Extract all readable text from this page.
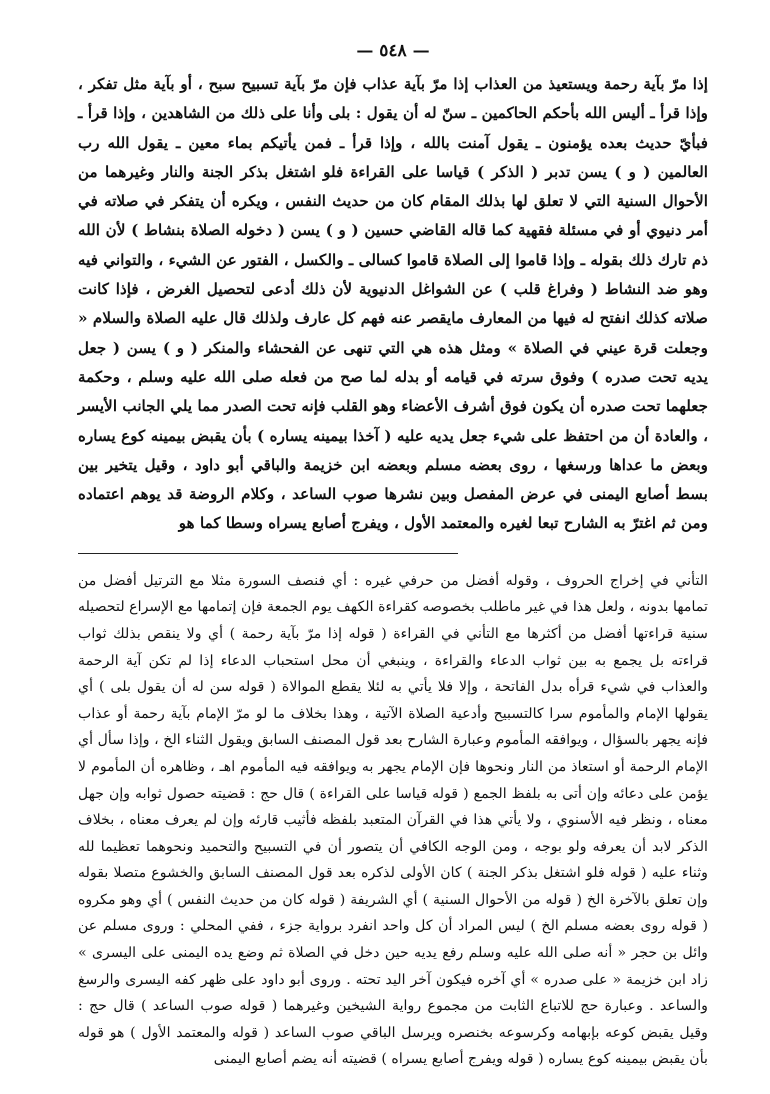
— ٥٤٨ —

إذا مرّ بآية رحمة ويستعيذ من العذاب إذا مرّ بآية عذاب فإن مرّ بآية تسبيح سبح ، أو بآية مثل تفكر ، وإذا قرأ ـ أليس الله بأحكم الحاكمين ـ سنّ له أن يقول : بلى وأنا على ذلك من الشاهدين ، وإذا قرأ ـ فبأيّ حديث بعده يؤمنون ـ يقول آمنت بالله ، وإذا قرأ ـ فمن يأتيكم بماء معين ـ يقول الله رب العالمين ( و ) يسن تدبر ( الذكر ) قياسا على القراءة فلو اشتغل بذكر الجنة والنار وغيرهما من الأحوال السنية التي لا تعلق لها بذلك المقام كان من حديث النفس ، ويكره أن يتفكر في صلاته في أمر دنيوي أو في مسئلة فقهية كما قاله القاضي حسين ( و ) يسن ( دخوله الصلاة بنشاط ) لأن الله ذم تارك ذلك بقوله ـ وإذا قاموا إلى الصلاة قاموا كسالى ـ والكسل ، الفتور عن الشيء ، والتواني فيه وهو ضد النشاط ( وفراغ قلب ) عن الشواغل الدنيوية لأن ذلك أدعى لتحصيل الغرض ، فإذا كانت صلاته كذلك انفتح له فيها من المعارف مايقصر عنه فهم كل عارف ولذلك قال عليه الصلاة والسلام « وجعلت قرة عيني في الصلاة » ومثل هذه هي التي تنهى عن الفحشاء والمنكر ( و ) يسن ( جعل يديه تحت صدره ) وفوق سرته في قيامه أو بدله لما صح من فعله صلى الله عليه وسلم ، وحكمة جعلهما تحت صدره أن يكون فوق أشرف الأعضاء وهو القلب فإنه تحت الصدر مما يلي الجانب الأيسر ، والعادة أن من احتفظ على شيء جعل يديه عليه ( آخذا بيمينه يساره ) بأن يقبض بيمينه كوع يساره وبعض ما عداها ورسغها ، روى بعضه مسلم وبعضه ابن خزيمة والباقي أبو داود ، وقيل يتخير بين بسط أصابع اليمنى في عرض المفصل وبين نشرها صوب الساعد ، وكلام الروضة قد يوهم اعتماده ومن ثم اغترّ به الشارح تبعا لغيره والمعتمد الأول ، ويفرج أصابع يسراه وسطا كما هو

التأني في إخراج الحروف ، وقوله أفضل من حرفي غيره : أي فنصف السورة مثلا مع الترتيل أفضل من تمامها بدونه ، ولعل هذا في غير ماطلب بخصوصه كقراءة الكهف يوم الجمعة فإن إتمامها مع الإسراع لتحصيله سنية قراءتها أفضل من أكثرها مع التأني في القراءة ( قوله إذا مرّ بآية رحمة ) أي ولا ينقص بذلك ثواب قراءته بل يجمع به بين ثواب الدعاء والقراءة ، وينبغي أن محل استحباب الدعاء إذا لم تكن آية الرحمة والعذاب في شيء قرأه بدل الفاتحة ، وإلا فلا يأتي به لئلا يقطع الموالاة ( قوله سن له أن يقول بلى ) أي يقولها الإمام والمأموم سرا كالتسبيح وأدعية الصلاة الآتية ، وهذا بخلاف ما لو مرّ الإمام بآية رحمة أو عذاب فإنه يجهر بالسؤال ، ويوافقه المأموم وعبارة الشارح بعد قول المصنف السابق ويقول الثناء الخ ، وإذا سأل أي الإمام الرحمة أو استعاذ من النار ونحوها فإن الإمام يجهر به ويوافقه فيه المأموم اهـ ، وظاهره أن المأموم لا يؤمن على دعائه وإن أتى به بلفظ الجمع ( قوله قياسا على القراءة ) قال حج : قضيته حصول ثوابه وإن جهل معناه ، ونظر فيه الأسنوي ، ولا يأتي هذا في القرآن المتعبد بلفظه فأثيب قارئه وإن لم يعرف معناه ، بخلاف الذكر لابد أن يعرفه ولو بوجه ، ومن الوجه الكافي أن يتصور أن في التسبيح والتحميد ونحوهما تعظيما لله وثناء عليه ( قوله فلو اشتغل بذكر الجنة ) كان الأولى لذكره بعد قول المصنف السابق والخشوع متصلا بقوله وإن تعلق بالآخرة الخ ( قوله من الأحوال السنية ) أي الشريفة ( قوله كان من حديث النفس ) أي وهو مكروه ( قوله روى بعضه مسلم الخ ) ليس المراد أن كل واحد انفرد برواية جزء ، ففي المحلي : وروى مسلم عن وائل بن حجر « أنه صلى الله عليه وسلم رفع يديه حين دخل في الصلاة ثم وضع يده اليمنى على اليسرى » زاد ابن خزيمة « على صدره » أي آخره فيكون آخر اليد تحته . وروى أبو داود على ظهر كفه اليسرى والرسغ والساعد . وعبارة حج للاتباع الثابت من مجموع رواية الشيخين وغيرهما ( قوله صوب الساعد ) قال حج : وقيل يقبض كوعه بإبهامه وكرسوعه بخنصره ويرسل الباقي صوب الساعد ( قوله والمعتمد الأول ) هو قوله بأن يقبض بيمينه كوع يساره ( قوله ويفرج أصابع يسراه ) قضيته أنه يضم أصابع اليمنى
